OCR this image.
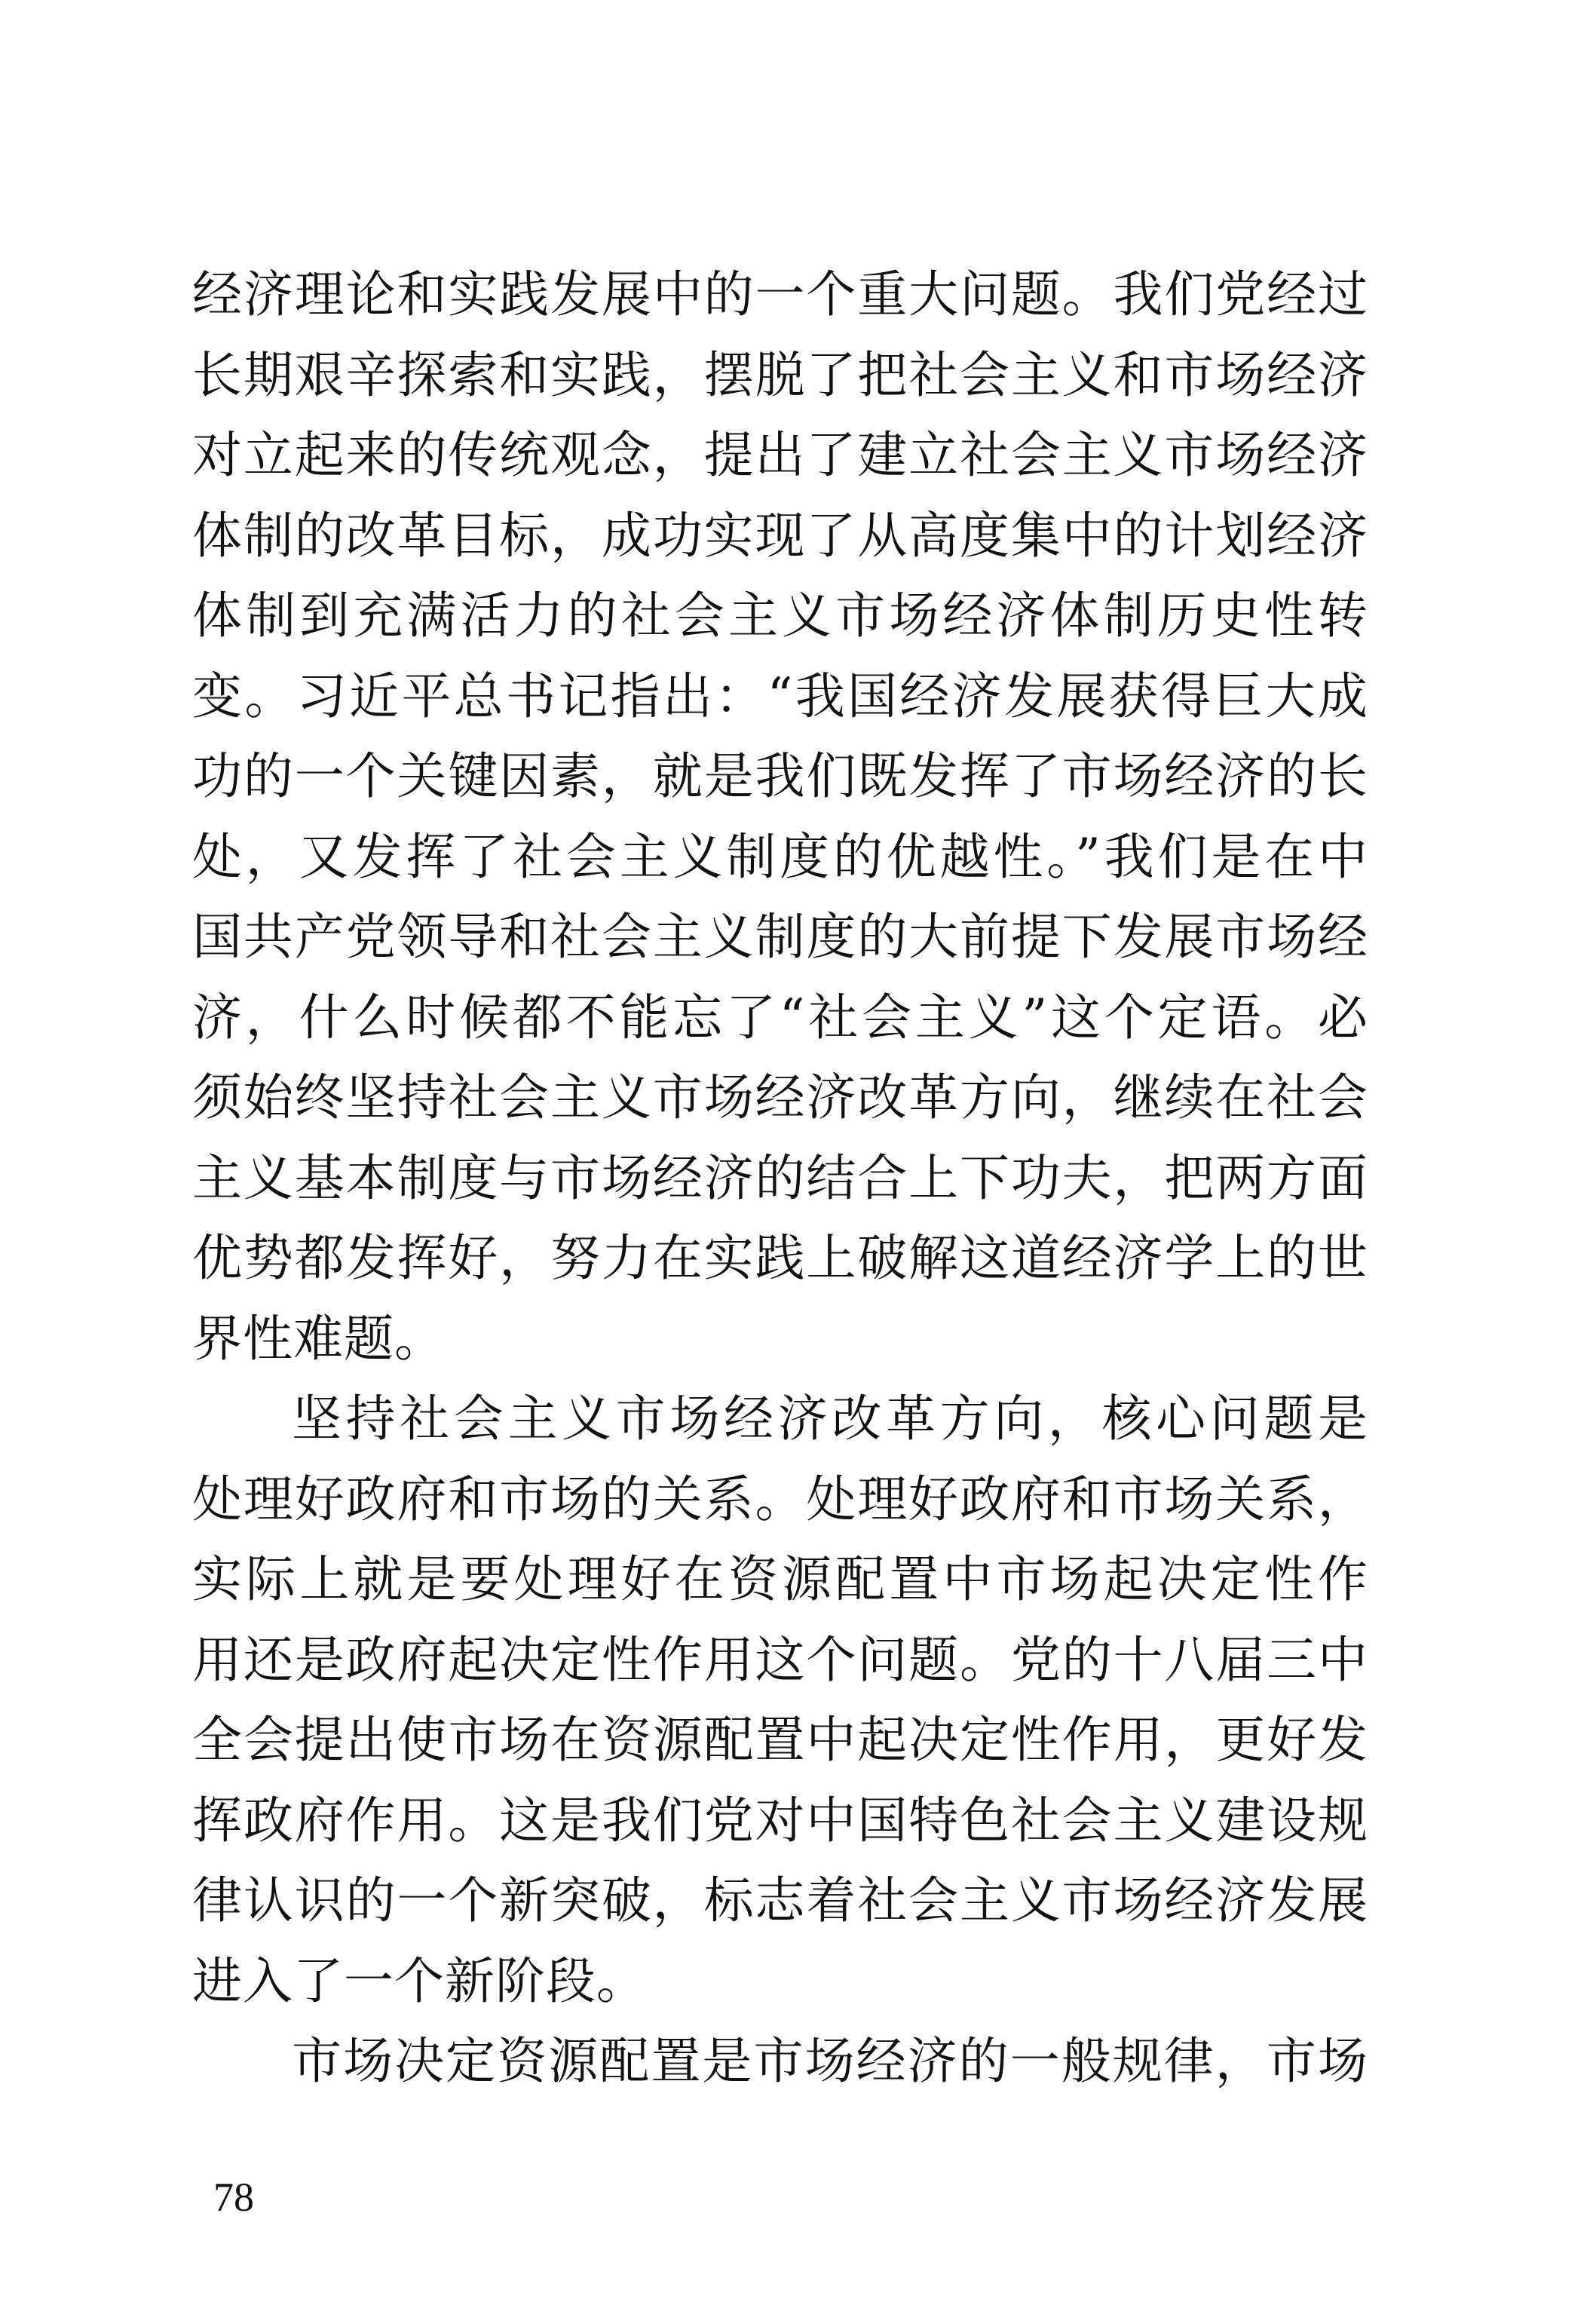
经济理论和实践发展中的一个重大问题。我们党经过
长期艰辛探索和实践，摆脱了把社会主义和市场经济
对立起来的传统观念，提出了建立社会主义市场经济
体制的改革目标，成功实现了从高度集中的计划经济
体制到充满活力的社会主义市场经济体制历史性转
变。习近平总书记指出：“我国经济发展获得巨大成
功的一个关键因素，就是我们既发挥了市场经济的长
处，又发挥了社会主义制度的优越性。”我们是在中
国共产党领导和社会主义制度的大前提下发展市场经
济，什么时候都不能忘了“社会主义”这个定语。必
须始终坚持社会主义市场经济改革方向，继续在社会
主义基本制度与市场经济的结合上下功夫，把两方面
优势都发挥好，努力在实践上破解这道经济学上的世
界性难题。
坚持社会主义市场经济改革方向，核心问题是
处理好政府和市场的关系。处理好政府和市场关系，
实际上就是要处理好在资源配置中市场起决定性作
用还是政府起决定性作用这个问题。党的十八届三中
全会提出使市场在资源配置中起决定性作用，更好发
挥政府作用。这是我们党对中国特色社会主义建设规
律认识的一个新突破，标志着社会主义市场经济发展
进入了一个新阶段。
市场决定资源配置是市场经济的一般规律，市场
78
